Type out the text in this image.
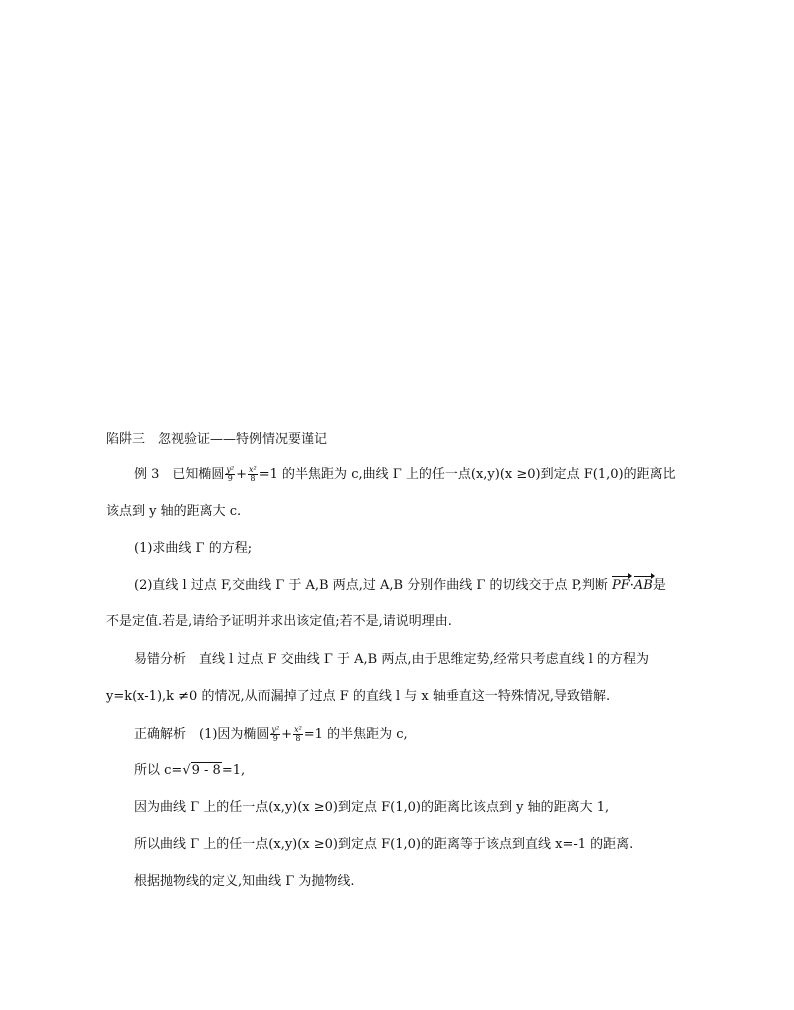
陷阱三　忽视验证——特例情况要谨记
例 3　已知椭圆 $\frac{\text{y²}}{9} + \frac{\text{x²}}{8} =1$ 的半焦距为 c,曲线 Γ 上的任一点(x,y)(x ≥0)到定点 F(1,0)的距离比
该点到 y 轴的距离大 c.
(1)求曲线 Γ 的方程;
(2)直线 l 过点 F,交曲线 Γ 于 A,B 两点,过 A,B 分别作曲线 Γ 的切线交于点 P,判断 PF·AB是
不是定值.若是,请给予证明并求出该定值;若不是,请说明理由.
易错分析　直线 l 过点 F 交曲线 Γ 于 A,B 两点,由于思维定势,经常只考虑直线 l 的方程为
y=k(x-1),k ≠0 的情况,从而漏掉了过点 F 的直线 l 与 x 轴垂直这一特殊情况,导致错解.
正确解析　(1)因为椭圆 $\frac{\text{y²}}{9} + \frac{\text{x²}}{8} =1$ 的半焦距为 c,
所以 c=√9 - 8=1,
因为曲线 Γ 上的任一点(x,y)(x ≥0)到定点 F(1,0)的距离比该点到 y 轴的距离大 1,
所以曲线 Γ 上的任一点(x,y)(x ≥0)到定点 F(1,0)的距离等于该点到直线 x=-1 的距离.
根据抛物线的定义,知曲线 Γ 为抛物线.
